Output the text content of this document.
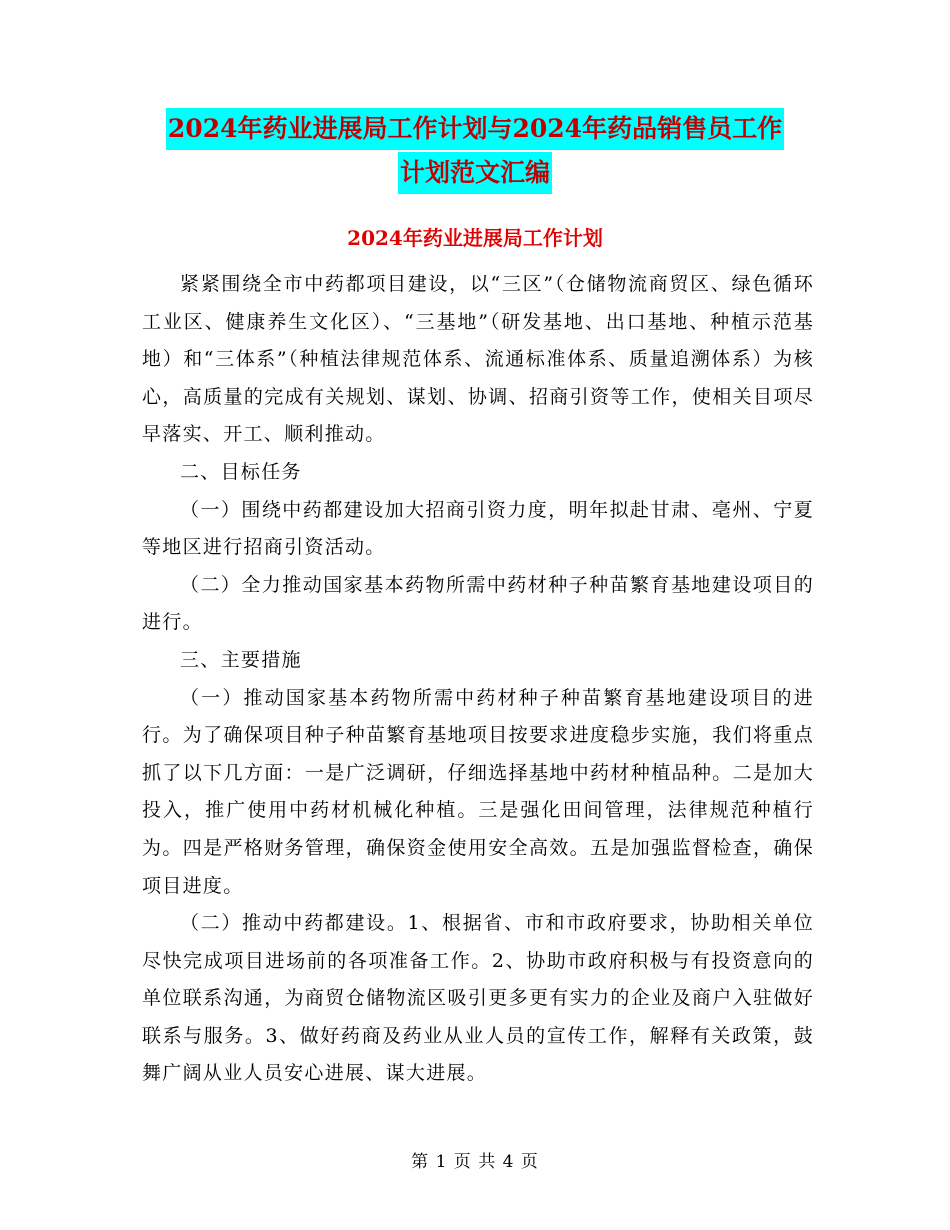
2024年药业进展局工作计划与2024年药品销售员工作
计划范文汇编
2024年药业进展局工作计划

紧紧围绕全市中药都项目建设，以“三区”（仓储物流商贸区、绿色循环工业区、健康养生文化区）、“三基地”（研发基地、出口基地、种植示范基地）和“三体系”（种植法律规范体系、流通标准体系、质量追溯体系）为核心，高质量的完成有关规划、谋划、协调、招商引资等工作，使相关目项尽早落实、开工、顺利推动。

二、目标任务

（一）围绕中药都建设加大招商引资力度，明年拟赴甘肃、亳州、宁夏等地区进行招商引资活动。

（二）全力推动国家基本药物所需中药材种子种苗繁育基地建设项目的进行。

三、主要措施

（一）推动国家基本药物所需中药材种子种苗繁育基地建设项目的进行。为了确保项目种子种苗繁育基地项目按要求进度稳步实施，我们将重点抓了以下几方面：一是广泛调研，仔细选择基地中药材种植品种。二是加大投入，推广使用中药材机械化种植。三是强化田间管理，法律规范种植行为。四是严格财务管理，确保资金使用安全高效。五是加强监督检查，确保项目进度。

（二）推动中药都建设。1、根据省、市和市政府要求，协助相关单位尽快完成项目进场前的各项准备工作。2、协助市政府积极与有投资意向的单位联系沟通，为商贸仓储物流区吸引更多更有实力的企业及商户入驻做好联系与服务。3、做好药商及药业从业人员的宣传工作，解释有关政策，鼓舞广阔从业人员安心进展、谋大进展。

第 1 页 共 4 页
